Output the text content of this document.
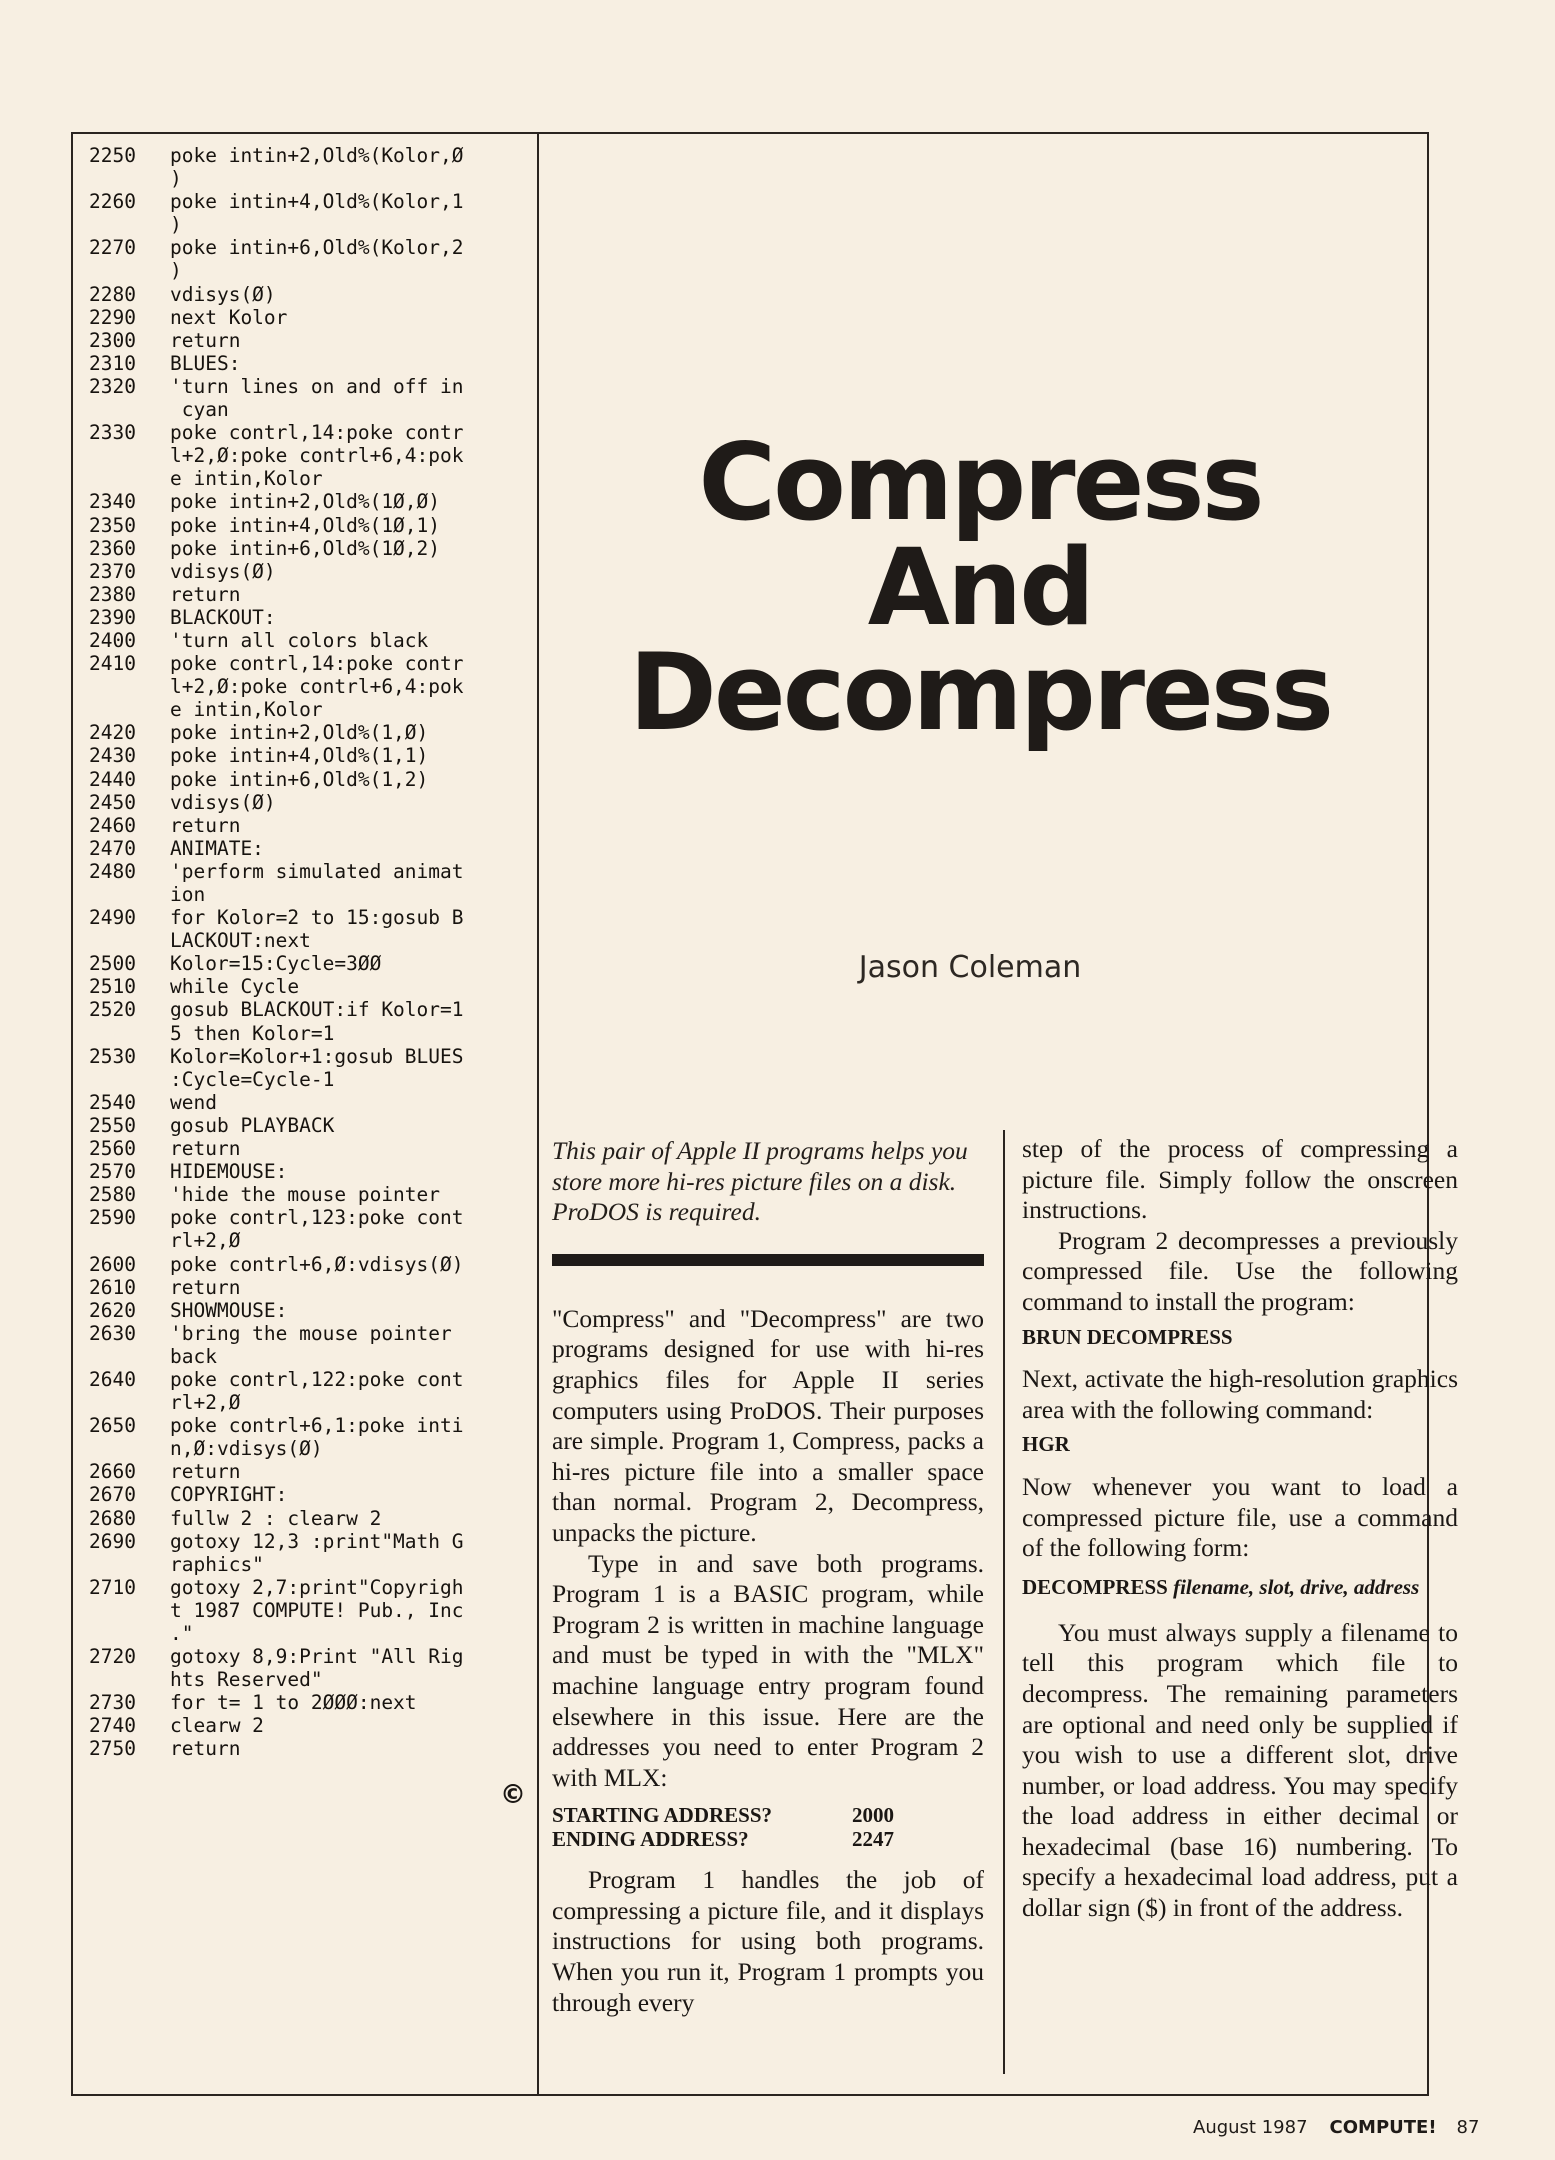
2250	poke intin+2,Old%(Kolor,Ø
)
2260	poke intin+4,Old%(Kolor,1
)
2270	poke intin+6,Old%(Kolor,2
)
2280	vdisys(Ø)
2290	next Kolor
2300	return
2310	BLUES:
2320	'turn lines on and off in
cyan
2330	poke contrl,14:poke contr
l+2,Ø:poke contrl+6,4:pok
e intin,Kolor
2340	poke intin+2,Old%(1Ø,Ø)
2350	poke intin+4,Old%(1Ø,1)
2360	poke intin+6,Old%(1Ø,2)
2370	vdisys(Ø)
2380	return
2390	BLACKOUT:
2400	'turn all colors black
2410	poke contrl,14:poke contr
l+2,Ø:poke contrl+6,4:pok
e intin,Kolor
2420	poke intin+2,Old%(1,Ø)
2430	poke intin+4,Old%(1,1)
2440	poke intin+6,Old%(1,2)
2450	vdisys(Ø)
2460	return
2470	ANIMATE:
2480	'perform simulated animat
ion
2490	for Kolor=2 to 15:gosub B
LACKOUT:next
2500	Kolor=15:Cycle=3ØØ
2510	while Cycle
2520	gosub BLACKOUT:if Kolor=1
5 then Kolor=1
2530	Kolor=Kolor+1:gosub BLUES
:Cycle=Cycle-1
2540	wend
2550	gosub PLAYBACK
2560	return
2570	HIDEMOUSE:
2580	'hide the mouse pointer
2590	poke contrl,123:poke cont
rl+2,Ø
2600	poke contrl+6,Ø:vdisys(Ø)

2610	return
2620	SHOWMOUSE:
2630	'bring the mouse pointer
back
2640	poke contrl,122:poke cont
rl+2,Ø
2650	poke contrl+6,1:poke inti
n,Ø:vdisys(Ø)
2660	return
2670	COPYRIGHT:
2680	fullw 2 : clearw 2
2690	gotoxy 12,3 :print"Math G
raphics"
2710	gotoxy 2,7:print"Copyrigh
t 1987 COMPUTE! Pub., Inc
."
2720	gotoxy 8,9:Print "All Rig
hts Reserved"
2730	for t= 1 to 2ØØØ:next
2740	clearw 2
2750	return
©
Compress
And
Decompress
Jason Coleman

This pair of Apple II programs helps you store more hi-res picture files on a disk. ProDOS is required.

"Compress" and "Decompress" are two programs designed for use with hi-res graphics files for Apple II series computers using ProDOS. Their purposes are simple. Program 1, Compress, packs a hi-res picture file into a smaller space than normal. Program 2, Decompress, unpacks the picture.

Type in and save both programs. Program 1 is a BASIC program, while Program 2 is written in machine language and must be typed in with the "MLX" machine language entry program found elsewhere in this issue. Here are the addresses you need to enter Program 2 with MLX:

STARTING ADDRESS?	2000
ENDING ADDRESS?	2247

Program 1 handles the job of compressing a picture file, and it displays instructions for using both programs. When you run it, Program 1 prompts you through every

step of the process of compressing a picture file. Simply follow the onscreen instructions.

Program 2 decompresses a previously compressed file. Use the following command to install the program:

BRUN DECOMPRESS

Next, activate the high-resolution graphics area with the following command:

HGR

Now whenever you want to load a compressed picture file, use a command of the following form:

DECOMPRESS filename, slot, drive, address

You must always supply a filename to tell this program which file to decompress. The remaining parameters are optional and need only be supplied if you wish to use a different slot, drive number, or load address. You may specify the load address in either decimal or hexadecimal (base 16) numbering. To specify a hexadecimal load address, put a dollar sign ($) in front of the address.

August 1987 COMPUTE! 87
